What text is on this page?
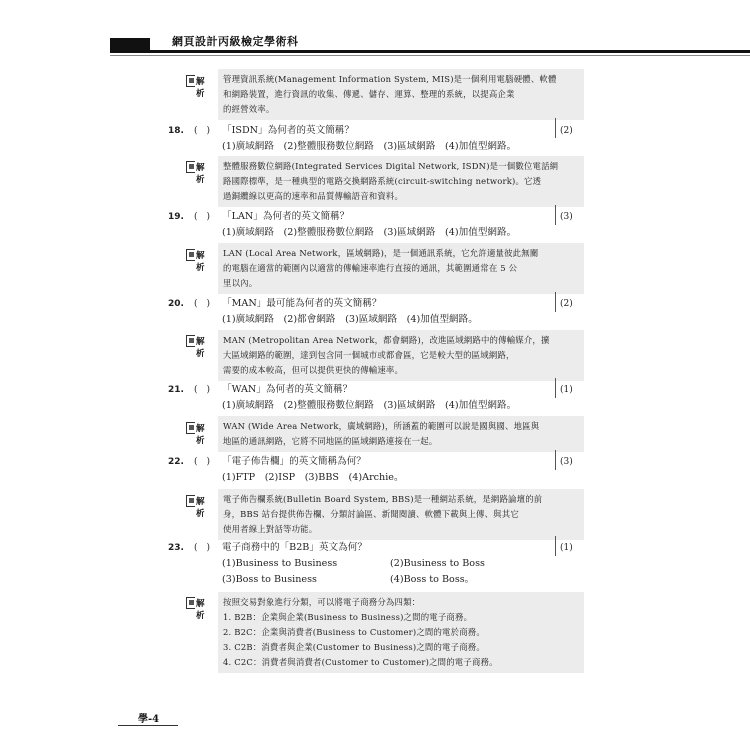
網頁設計丙級檢定學術科
解析
管理資訊系統(Management Information System, MIS)是一個利用電腦硬體、軟體
和網路裝置，進行資訊的收集、傳遞、儲存、運算、整理的系統，以提高企業
的經營效率。
18. (　) 「ISDN」為何者的英文簡稱？
(1)廣域網路　(2)整體服務數位網路　(3)區域網路　(4)加值型網路。
(2)
解析
整體服務數位網路(Integrated Services Digital Network, ISDN)是一個數位電話網
路國際標準，是一種典型的電路交換網路系統(circuit-switching network)。它透
過銅纜線以更高的速率和品質傳輸語音和資料。
19. (　) 「LAN」為何者的英文簡稱？
(1)廣域網路　(2)整體服務數位網路　(3)區域網路　(4)加值型網路。
(3)
解析
LAN (Local Area Network，區域網路)，是一個通訊系統，它允許適量彼此無關
的電腦在適當的範圍內以適當的傳輸速率進行直接的通訊，其範圍通常在 5 公
里以內。
20. (　) 「MAN」最可能為何者的英文簡稱？
(1)廣域網路　(2)都會網路　(3)區域網路　(4)加值型網路。
(2)
解析
MAN (Metropolitan Area Network，都會網路)，改進區域網路中的傳輸媒介，擴
大區域網路的範圍，達到包含同一個城市或都會區，它是較大型的區域網路，
需要的成本較高，但可以提供更快的傳輸速率。
21. (　) 「WAN」為何者的英文簡稱？
(1)廣域網路　(2)整體服務數位網路　(3)區域網路　(4)加值型網路。
(1)
解析
WAN (Wide Area Network，廣域網路)，所涵蓋的範圍可以說是國與國、地區與
地區的通訊網路，它將不同地區的區域網路連接在一起。
22. (　) 「電子佈告欄」的英文簡稱為何？
(1)FTP　(2)ISP　(3)BBS　(4)Archie。
(3)
解析
電子佈告欄系統(Bulletin Board System, BBS)是一種網站系統，是網路論壇的前
身，BBS 站台提供佈告欄、分類討論區、新聞閱讀、軟體下載與上傳、與其它
使用者線上對話等功能。
23. (　) 電子商務中的「B2B」英文為何？
(1)Business to Business	(2)Business to Boss
(3)Boss to Business	(4)Boss to Boss。
(1)
解析
按照交易對象進行分類，可以將電子商務分為四類：
1. B2B：企業與企業(Business to Business)之間的電子商務。
2. B2C：企業與消費者(Business to Customer)之間的電於商務。
3. C2B：消費者與企業(Customer to Business)之間的電子商務。
4. C2C：消費者與消費者(Customer to Customer)之間的電子商務。
學-4
